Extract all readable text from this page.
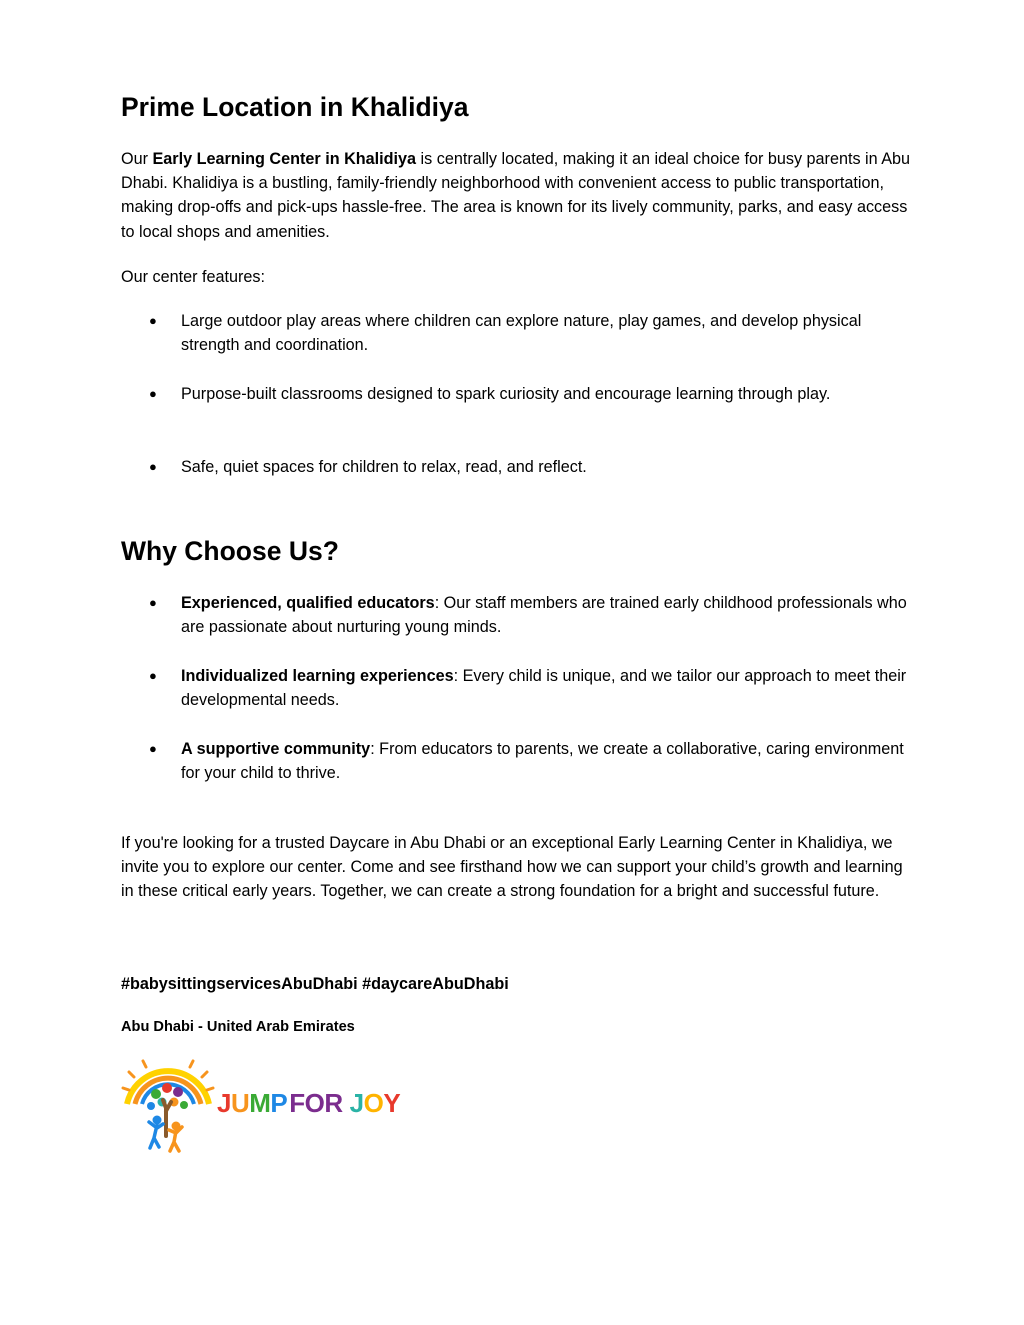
Prime Location in Khalidiya

Our Early Learning Center in Khalidiya is centrally located, making it an ideal choice for busy parents in Abu Dhabi. Khalidiya is a bustling, family-friendly neighborhood with convenient access to public transportation, making drop-offs and pick-ups hassle-free. The area is known for its lively community, parks, and easy access to local shops and amenities.

Our center features:

● Large outdoor play areas where children can explore nature, play games, and develop physical strength and coordination.
● Purpose-built classrooms designed to spark curiosity and encourage learning through play.
● Safe, quiet spaces for children to relax, read, and reflect.
Why Choose Us?
● Experienced, qualified educators: Our staff members are trained early childhood professionals who are passionate about nurturing young minds.
● Individualized learning experiences: Every child is unique, and we tailor our approach to meet their developmental needs.
● A supportive community: From educators to parents, we create a collaborative, caring environment for your child to thrive.

If you're looking for a trusted Daycare in Abu Dhabi or an exceptional Early Learning Center in Khalidiya, we invite you to explore our center. Come and see firsthand how we can support your child’s growth and learning in these critical early years. Together, we can create a strong foundation for a bright and successful future.

#babysittingservicesAbuDhabi #daycareAbuDhabi

Abu Dhabi - United Arab Emirates

JUMPFOR JOY
